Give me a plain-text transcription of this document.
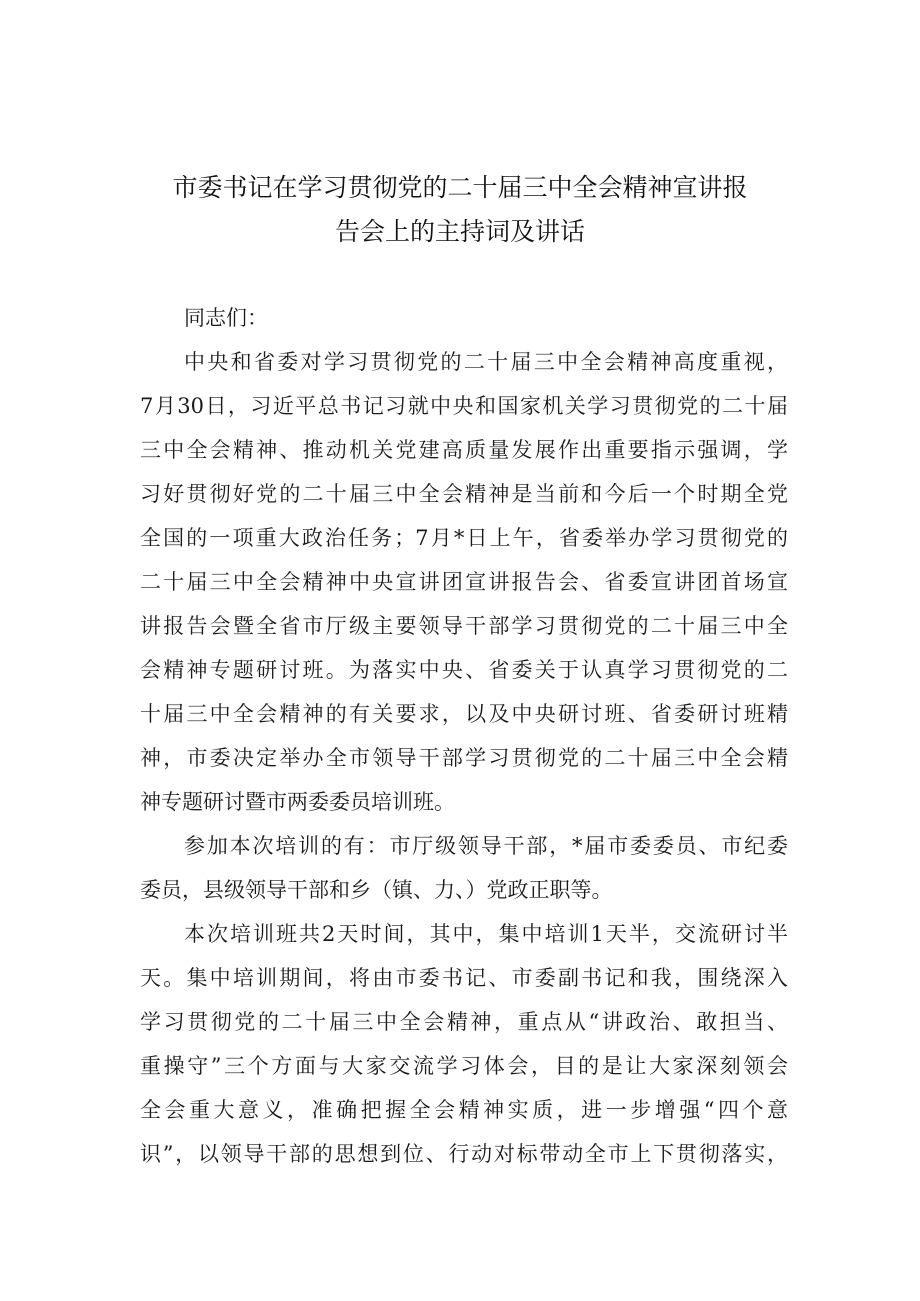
市委书记在学习贯彻党的二十届三中全会精神宣讲报
告会上的主持词及讲话

同志们：

中央和省委对学习贯彻党的二十届三中全会精神高度重视，
7月30日，习近平总书记习就中央和国家机关学习贯彻党的二十届
三中全会精神、推动机关党建高质量发展作出重要指示强调，学
习好贯彻好党的二十届三中全会精神是当前和今后一个时期全党
全国的一项重大政治任务；7月*日上午，省委举办学习贯彻党的
二十届三中全会精神中央宣讲团宣讲报告会、省委宣讲团首场宣
讲报告会暨全省市厅级主要领导干部学习贯彻党的二十届三中全
会精神专题研讨班。为落实中央、省委关于认真学习贯彻党的二
十届三中全会精神的有关要求，以及中央研讨班、省委研讨班精
神，市委决定举办全市领导干部学习贯彻党的二十届三中全会精
神专题研讨暨市两委委员培训班。

参加本次培训的有：市厅级领导干部，*届市委委员、市纪委
委员，县级领导干部和乡（镇、力、）党政正职等。

本次培训班共2天时间，其中，集中培训1天半，交流研讨半
天。集中培训期间，将由市委书记、市委副书记和我，围绕深入
学习贯彻党的二十届三中全会精神，重点从“讲政治、敢担当、
重操守”三个方面与大家交流学习体会，目的是让大家深刻领会
全会重大意义，准确把握全会精神实质，进一步增强“四个意
识”，以领导干部的思想到位、行动对标带动全市上下贯彻落实，
